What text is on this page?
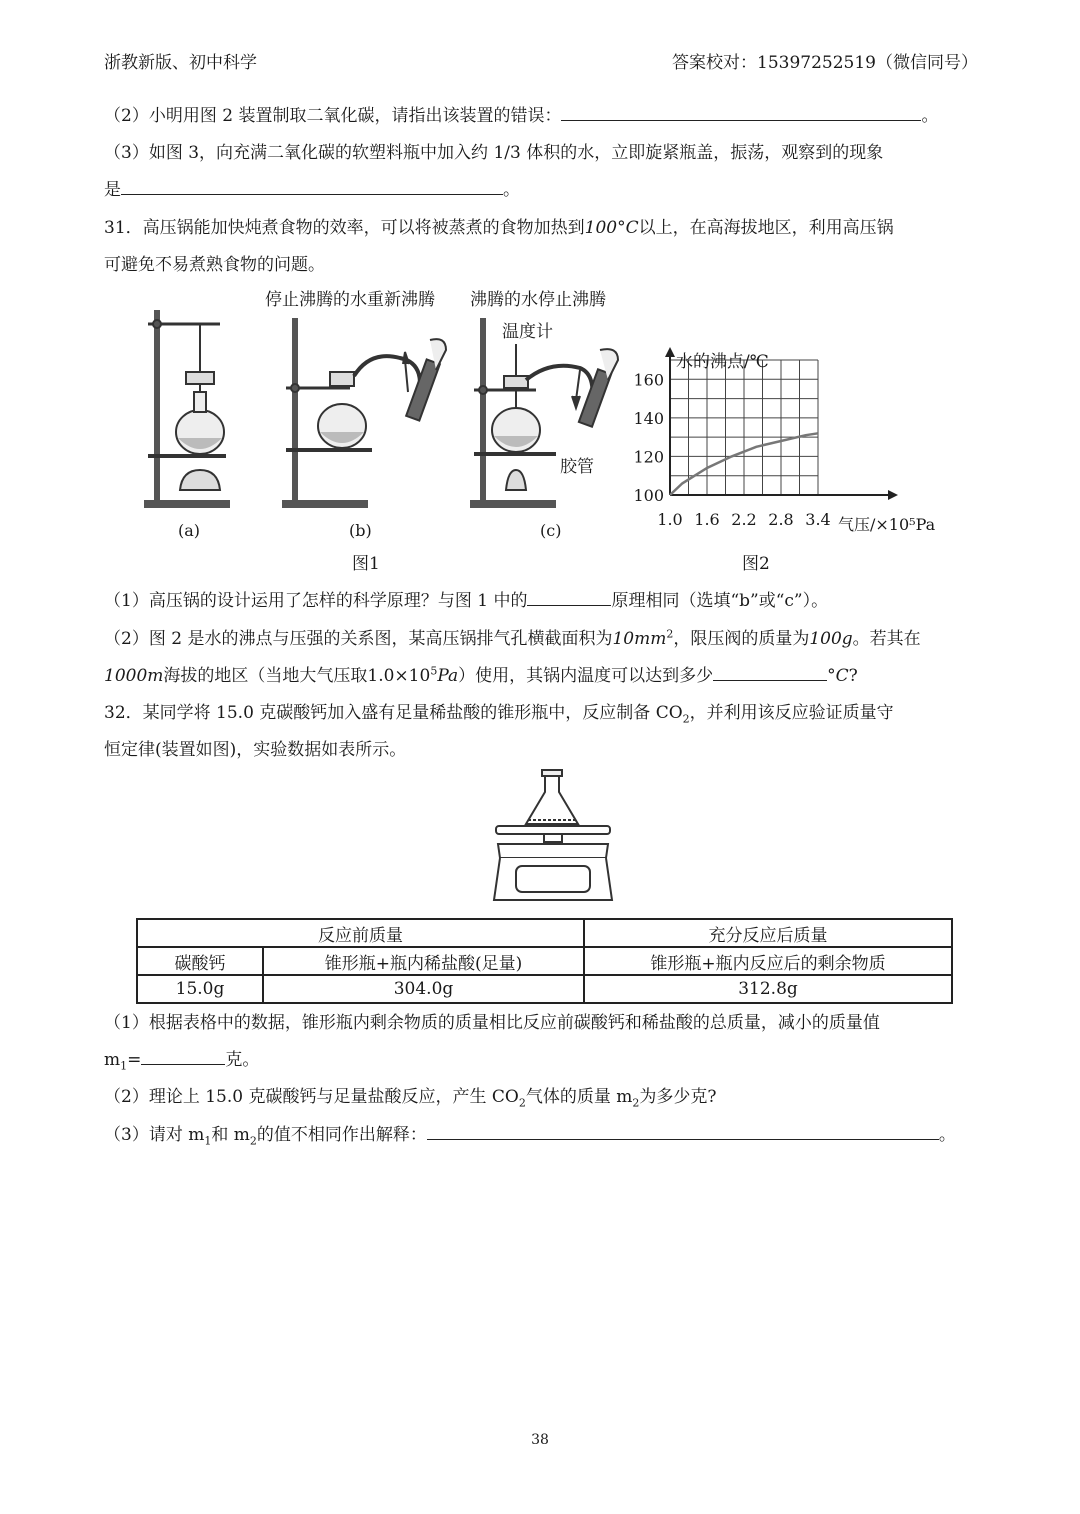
浙教新版、初中科学	答案校对：15397252519（微信同号）
（2）小明用图 2 装置制取二氧化碳，请指出该装置的错误：	。
（3）如图 3，向充满二氧化碳的软塑料瓶中加入约 1/3 体积的水，立即旋紧瓶盖，振荡，观察到的现象
是	。
31．高压锅能加快炖煮食物的效率，可以将被蒸煮的食物加热到100°C以上，在高海拔地区，利用高压锅
可避免不易煮熟食物的问题。
停止沸腾的水重新沸腾 沸腾的水停止沸腾
温度计
胶管
(a)	(b)	(c)
图1	图2
水的沸点/℃
气压/×10⁵Pa
1.0 1.6 2.2 2.8 3.4
100
120
140
160
（1）高压锅的设计运用了怎样的科学原理？与图 1 中的	原理相同（选填“b”或“c”）。
（2）图 2 是水的沸点与压强的关系图，某高压锅排气孔横截面积为$10mm^2$，限压阀的质量为100g。若其在
1000m海拔的地区（当地大气压取$1.0\times 10^5Pa$）使用，其锅内温度可以达到多少	°C?
32．某同学将 15.0 克碳酸钙加入盛有足量稀盐酸的锥形瓶中，反应制备 $CO_2$，并利用该反应验证质量守
恒定律(装置如图)，实验数据如表所示。
反应前质量		充分反应后质量
碳酸钙	锥形瓶+瓶内稀盐酸(足量)	锥形瓶+瓶内反应后的剩余物质
15.0g	304.0g	312.8g
（1）根据表格中的数据，锥形瓶内剩余物质的质量相比反应前碳酸钙和稀盐酸的总质量，减小的质量值
$m_1=$	克。
（2）理论上 15.0 克碳酸钙与足量盐酸反应，产生 $CO_2$气体的质量 $m_2$为多少克?
（3）请对 $m_1$和 $m_2$的值不相同作出解释：	。
38
